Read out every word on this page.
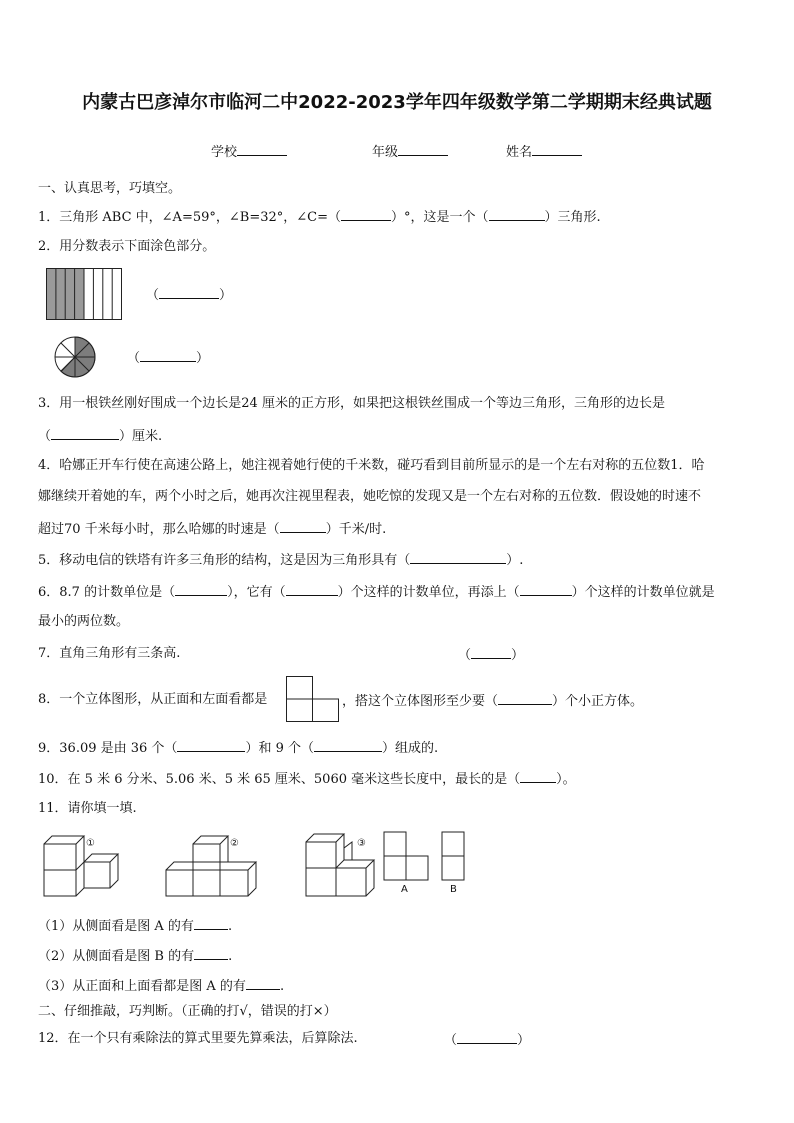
内蒙古巴彦淖尔市临河二中2022-2023学年四年级数学第二学期期末经典试题
学校	年级	姓名
一、认真思考，巧填空。
1．三角形 ABC 中，∠A=59°，∠B=32°，∠C=（	）°，这是一个（	）三角形.
2．用分数表示下面涂色部分。
（	）
（	）
3．用一根铁丝刚好围成一个边长是24 厘米的正方形，如果把这根铁丝围成一个等边三角形，三角形的边长是
（	）厘米.
4．哈娜正开车行使在高速公路上，她注视着她行使的千米数，碰巧看到目前所显示的是一个左右对称的五位数1．哈
娜继续开着她的车，两个小时之后，她再次注视里程表，她吃惊的发现又是一个左右对称的五位数．假设她的时速不
超过70 千米每小时，那么哈娜的时速是（	）千米/时.
5．移动电信的铁塔有许多三角形的结构，这是因为三角形具有（	）.
6．8.7 的计数单位是（	），它有（	）个这样的计数单位，再添上（	）个这样的计数单位就是
最小的两位数。
7．直角三角形有三条高.	（	）
8．一个立体图形，从正面和左面看都是	，搭这个立体图形至少要（	）个小正方体。
9．36.09 是由 36 个（	）和 9 个（	）组成的.
10．在 5 米 6 分米、5.06 米、5 米 65 厘米、5060 毫米这些长度中，最长的是（	）。
11．请你填一填.
①	②	③
A	B
（1）从侧面看是图 A 的有	.
（2）从侧面看是图 B 的有	.
（3）从正面和上面看都是图 A 的有	.
二、仔细推敲，巧判断。（正确的打√，错误的打×）
12．在一个只有乘除法的算式里要先算乘法，后算除法.	（	）
